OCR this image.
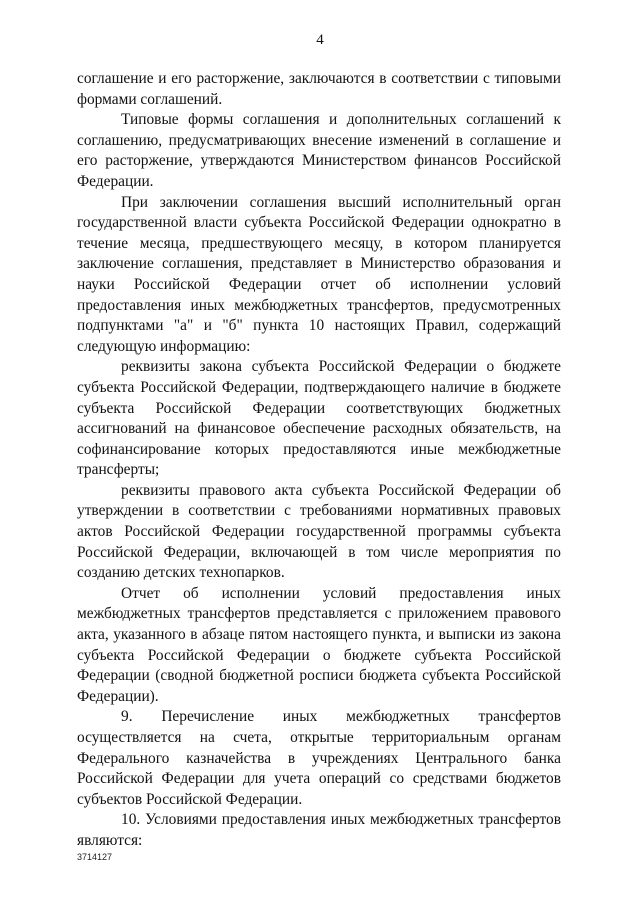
4

соглашение и его расторжение, заключаются в соответствии с типовыми формами соглашений.

Типовые формы соглашения и дополнительных соглашений к соглашению, предусматривающих внесение изменений в соглашение и его расторжение, утверждаются Министерством финансов Российской Федерации.

При заключении соглашения высший исполнительный орган государственной власти субъекта Российской Федерации однократно в течение месяца, предшествующего месяцу, в котором планируется заключение соглашения, представляет в Министерство образования и науки Российской Федерации отчет об исполнении условий предоставления иных межбюджетных трансфертов, предусмотренных подпунктами "а" и "б" пункта 10 настоящих Правил, содержащий следующую информацию:

реквизиты закона субъекта Российской Федерации о бюджете субъекта Российской Федерации, подтверждающего наличие в бюджете субъекта Российской Федерации соответствующих бюджетных ассигнований на финансовое обеспечение расходных обязательств, на софинансирование которых предоставляются иные межбюджетные трансферты;

реквизиты правового акта субъекта Российской Федерации об утверждении в соответствии с требованиями нормативных правовых актов Российской Федерации государственной программы субъекта Российской Федерации, включающей в том числе мероприятия по созданию детских технопарков.

Отчет об исполнении условий предоставления иных межбюджетных трансфертов представляется с приложением правового акта, указанного в абзаце пятом настоящего пункта, и выписки из закона субъекта Российской Федерации о бюджете субъекта Российской Федерации (сводной бюджетной росписи бюджета субъекта Российской Федерации).

9. Перечисление иных межбюджетных трансфертов осуществляется на счета, открытые территориальным органам Федерального казначейства в учреждениях Центрального банка Российской Федерации для учета операций со средствами бюджетов субъектов Российской Федерации.

10. Условиями предоставления иных межбюджетных трансфертов являются:

3714127
